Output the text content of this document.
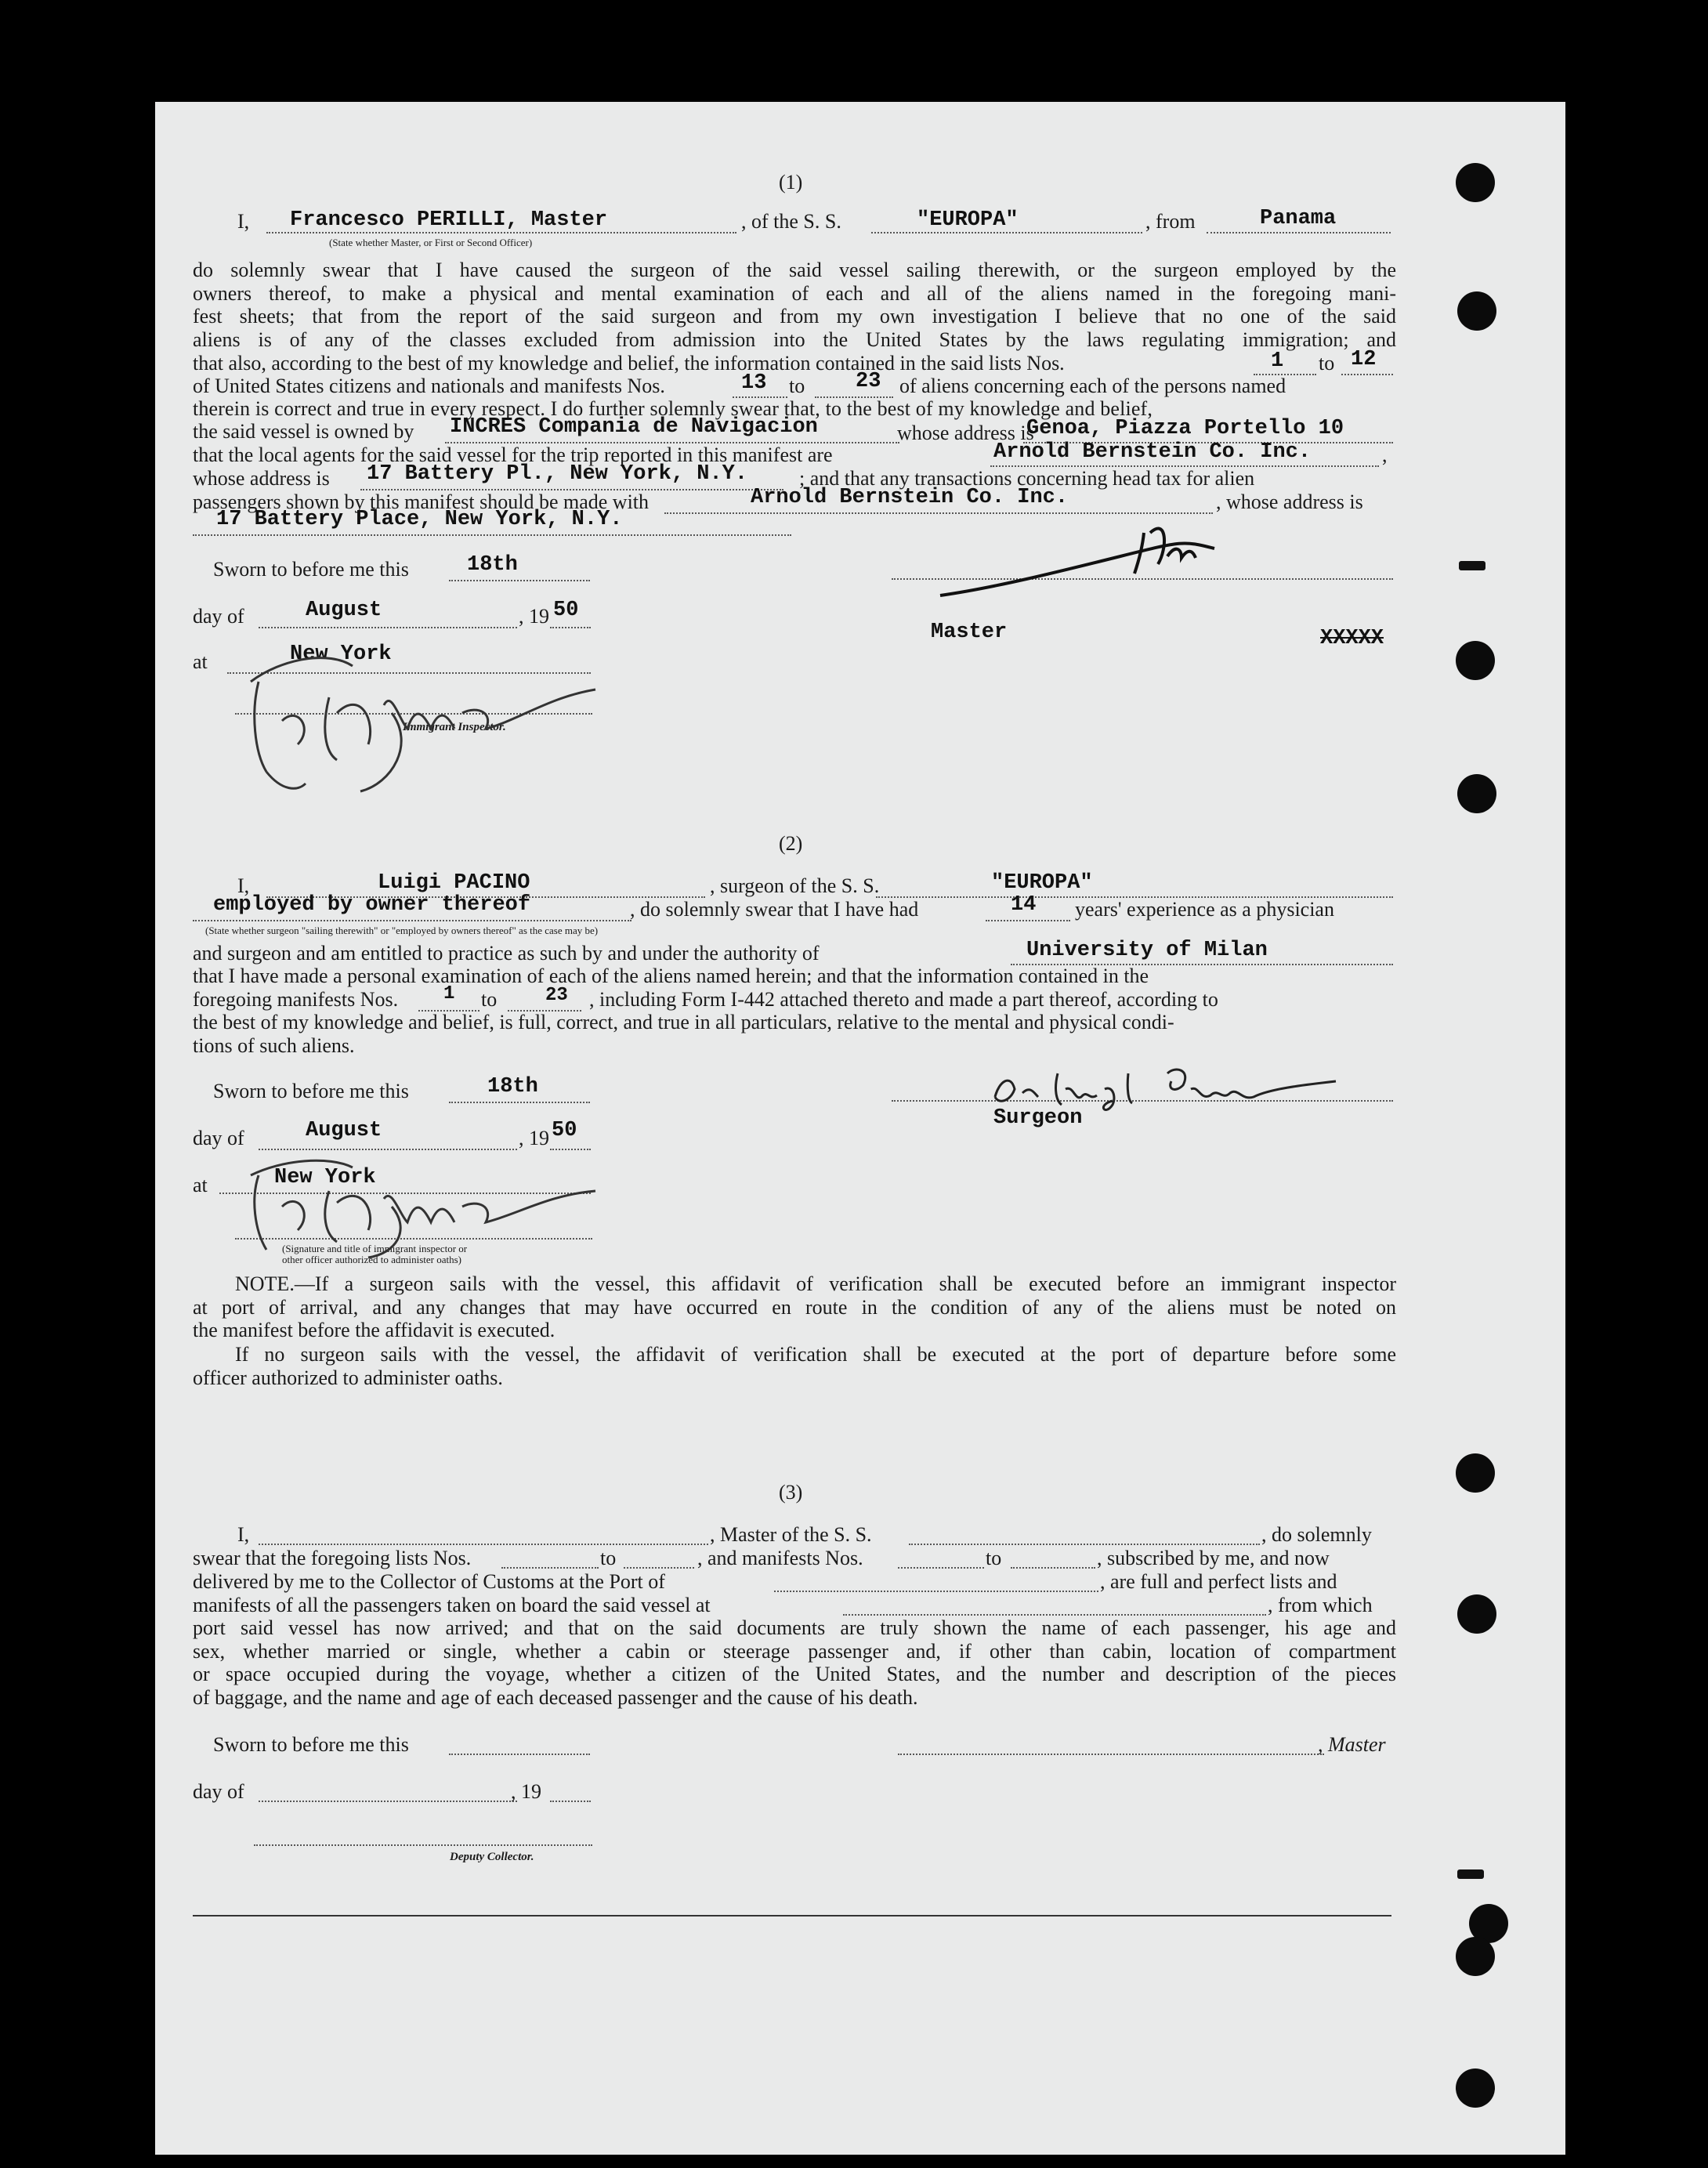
(1)
I, Francesco PERILLI, Master	, of the S. S.	"EUROPA"	, from	Panama
(State whether Master, or First or Second Officer)
do solemnly swear that I have caused the surgeon of the said vessel sailing therewith, or the surgeon employed by the
owners thereof, to make a physical and mental examination of each and all of the aliens named in the foregoing mani-
fest sheets; that from the report of the said surgeon and from my own investigation I believe that no one of the said
aliens is of any of the classes excluded from admission into the United States by the laws regulating immigration; and
that also, according to the best of my knowledge and belief, the information contained in the said lists Nos.	1 to 12
of United States citizens and nationals and manifests Nos.	13 to 23 of aliens concerning each of the persons named
therein is correct and true in every respect. I do further solemnly swear that, to the best of my knowledge and belief,
the said vessel is owned by INCRES Compania de Navigacion	whose address is
Genoa, Piazza Portello 10
that the local agents for the said vessel for the trip reported in this manifest are	Arnold Bernstein Co. Inc.	,
whose address is 17 Battery Pl., New York, N.Y.	; and that any transactions concerning head tax for alien
passengers shown by this manifest should be made with	Arnold Bernstein Co. Inc.	, whose address is
17 Battery Place, New York, N.Y.
Sworn to before me this	18th
day of	August	, 19 50
Master	XXXXX
at	New York
Immigrant Inspector.
(2)
I,	Luigi PACINO	, surgeon of the S. S.	"EUROPA"
employed by owner thereof	, do solemnly swear that I have had	14 years' experience as a physician
(State whether surgeon "sailing therewith" or "employed by owners thereof" as the case may be)
and surgeon and am entitled to practice as such by and under the authority of	University of Milan
that I have made a personal examination of each of the aliens named herein; and that the information contained in the
foregoing manifests Nos. 1 to	23 , including Form I-442 attached thereto and made a part thereof, according to
the best of my knowledge and belief, is full, correct, and true in all particulars, relative to the mental and physical condi-
tions of such aliens.
Sworn to before me this	18th
Surgeon
day of	August	, 19 50
at	New York
(Signature and title of immigrant inspector or
other officer authorized to administer oaths)
NOTE.—If a surgeon sails with the vessel, this affidavit of verification shall be executed before an immigrant inspector
at port of arrival, and any changes that may have occurred en route in the condition of any of the aliens must be noted on
the manifest before the affidavit is executed.
If no surgeon sails with the vessel, the affidavit of verification shall be executed at the port of departure before some
officer authorized to administer oaths.
(3)
I,	, Master of the S. S.	, do solemnly
swear that the foregoing lists Nos.	to	, and manifests Nos.	to	, subscribed by me, and now
delivered by me to the Collector of Customs at the Port of	, are full and perfect lists and
manifests of all the passengers taken on board the said vessel at	, from which
port said vessel has now arrived; and that on the said documents are truly shown the name of each passenger, his age and
sex, whether married or single, whether a cabin or steerage passenger and, if other than cabin, location of compartment
or space occupied during the voyage, whether a citizen of the United States, and the number and description of the pieces
of baggage, and the name and age of each deceased passenger and the cause of his death.
Sworn to before me this	, Master
day of	, 19
Deputy Collector.
